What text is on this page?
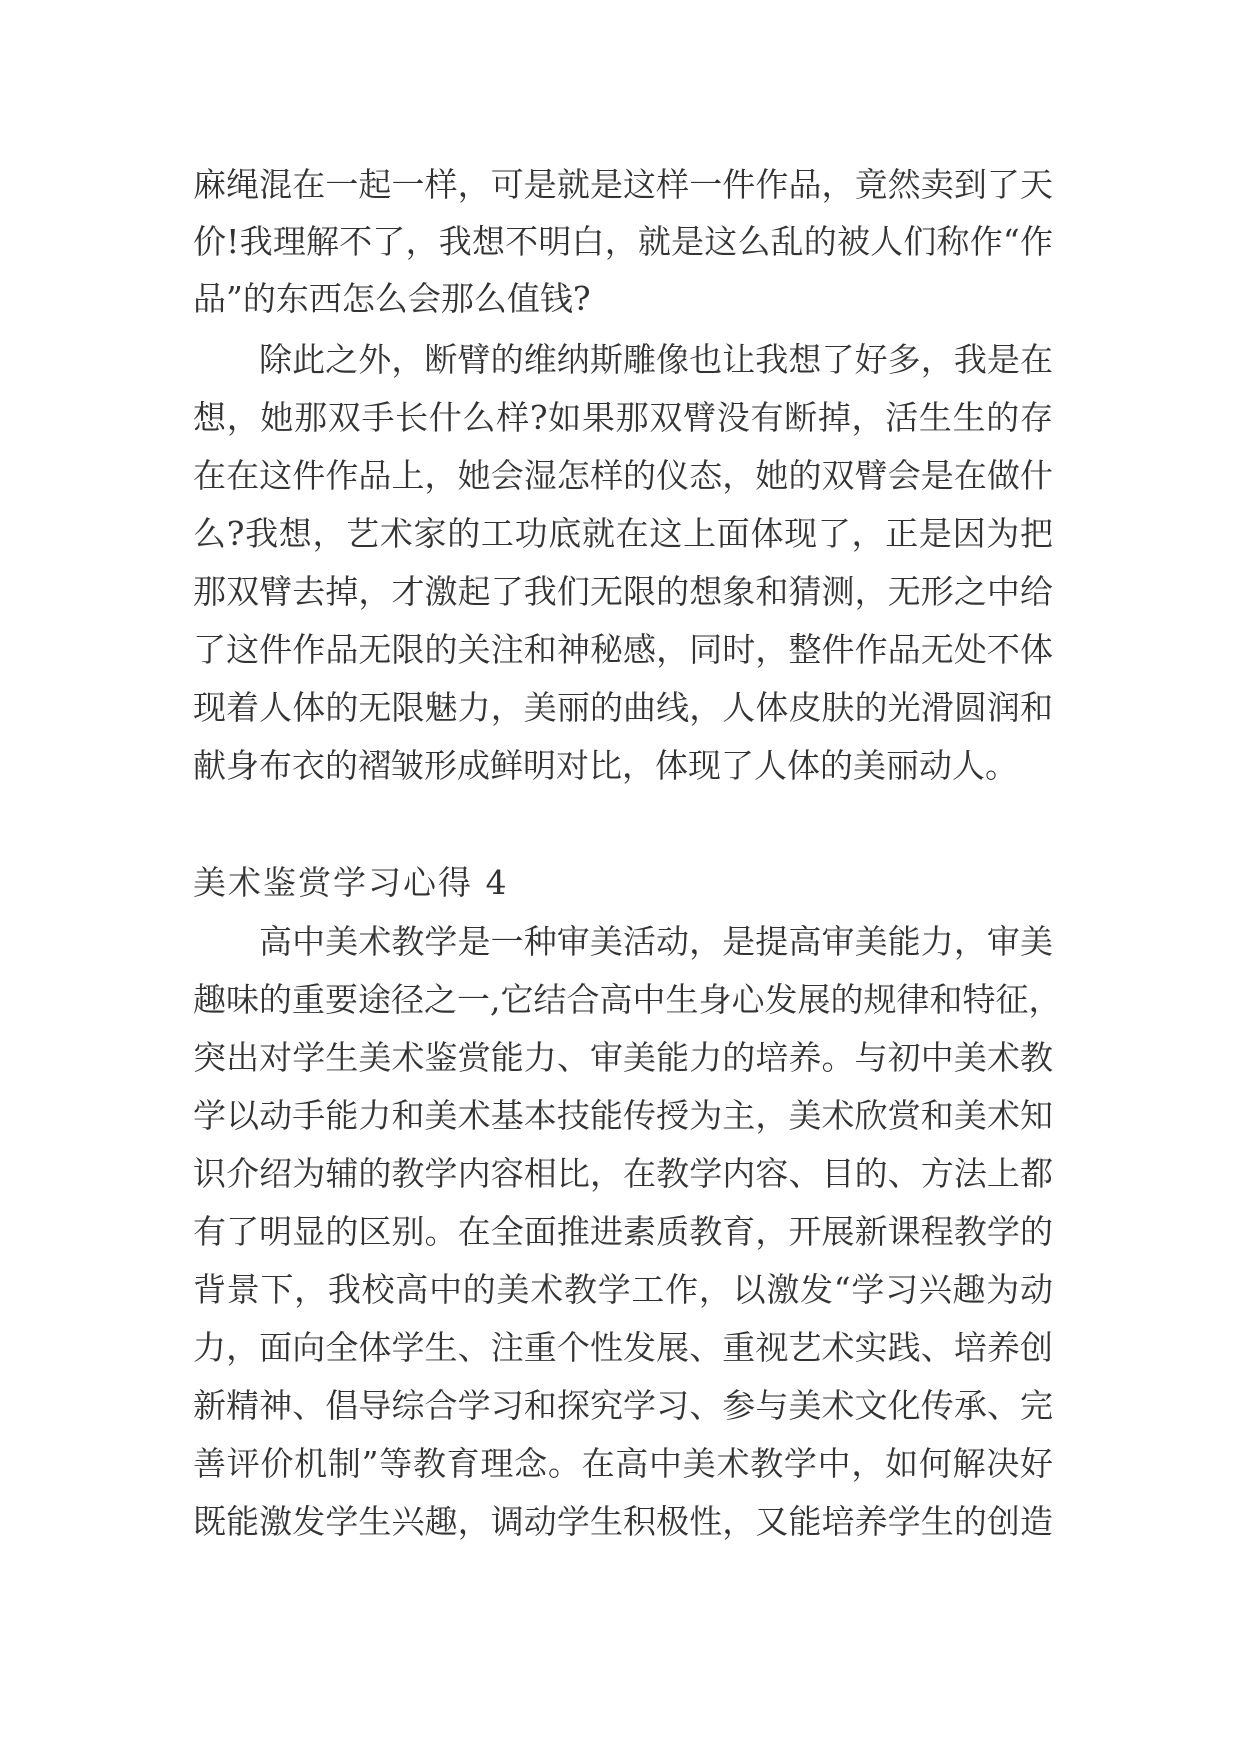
麻绳混在一起一样，可是就是这样一件作品，竟然卖到了天
价!我理解不了，我想不明白，就是这么乱的被人们称作“作
品”的东西怎么会那么值钱?
除此之外，断臂的维纳斯雕像也让我想了好多，我是在
想，她那双手长什么样?如果那双臂没有断掉，活生生的存
在在这件作品上，她会湿怎样的仪态，她的双臂会是在做什
么?我想，艺术家的工功底就在这上面体现了，正是因为把
那双臂去掉，才激起了我们无限的想象和猜测，无形之中给
了这件作品无限的关注和神秘感，同时，整件作品无处不体
现着人体的无限魅力，美丽的曲线，人体皮肤的光滑圆润和
献身布衣的褶皱形成鲜明对比，体现了人体的美丽动人。
美术鉴赏学习心得 4
高中美术教学是一种审美活动，是提高审美能力，审美
趣味的重要途径之一,它结合高中生身心发展的规律和特征，
突出对学生美术鉴赏能力、审美能力的培养。与初中美术教
学以动手能力和美术基本技能传授为主，美术欣赏和美术知
识介绍为辅的教学内容相比，在教学内容、目的、方法上都
有了明显的区别。在全面推进素质教育，开展新课程教学的
背景下，我校高中的美术教学工作，以激发“学习兴趣为动
力，面向全体学生、注重个性发展、重视艺术实践、培养创
新精神、倡导综合学习和探究学习、参与美术文化传承、完
善评价机制”等教育理念。在高中美术教学中，如何解决好
既能激发学生兴趣，调动学生积极性，又能培养学生的创造
